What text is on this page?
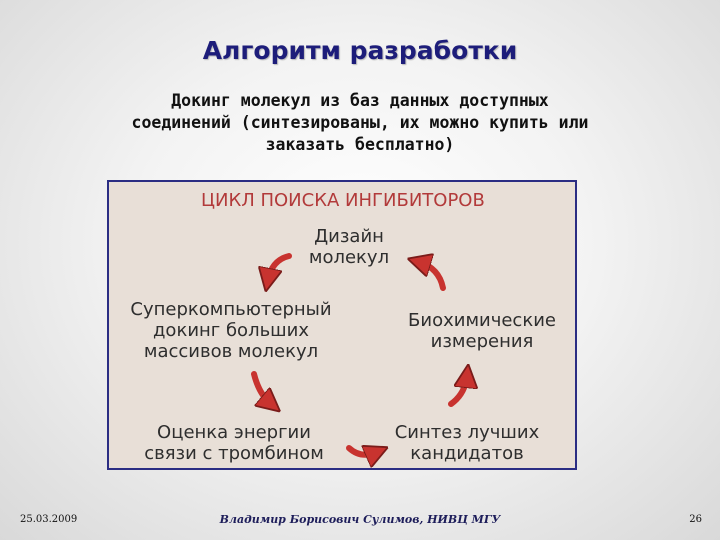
Алгоритм разработки
Докинг молекул из баз данных доступных
соединений (синтезированы, их можно купить или
заказать бесплатно)
ЦИКЛ ПОИСКА ИНГИБИТОРОВ
Дизайн
молекул
Биохимические
измерения
Синтез лучших
кандидатов
Оценка энергии
связи с тромбином
Суперкомпьютерный
докинг больших
массивов молекул
25.03.2009	Владимир Борисович Сулимов, НИВЦ МГУ	26
